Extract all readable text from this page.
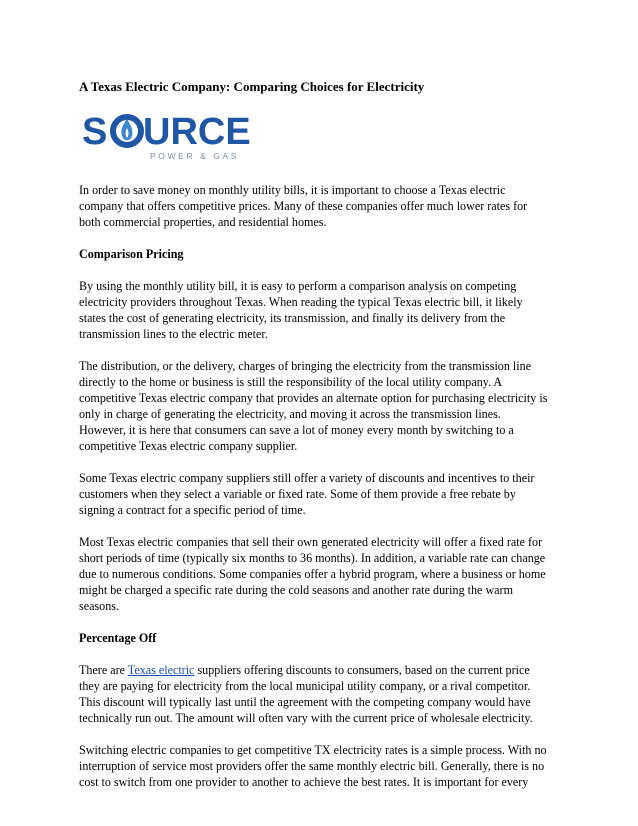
A Texas Electric Company: Comparing Choices for Electricity
S URCE
POWER & GAS

In order to save money on monthly utility bills, it is important to choose a Texas electric
company that offers competitive prices. Many of these companies offer much lower rates for
both commercial properties, and residential homes.

Comparison Pricing

By using the monthly utility bill, it is easy to perform a comparison analysis on competing
electricity providers throughout Texas. When reading the typical Texas electric bill, it likely
states the cost of generating electricity, its transmission, and finally its delivery from the
transmission lines to the electric meter.

The distribution, or the delivery, charges of bringing the electricity from the transmission line
directly to the home or business is still the responsibility of the local utility company. A
competitive Texas electric company that provides an alternate option for purchasing electricity is
only in charge of generating the electricity, and moving it across the transmission lines.
However, it is here that consumers can save a lot of money every month by switching to a
competitive Texas electric company supplier.

Some Texas electric company suppliers still offer a variety of discounts and incentives to their
customers when they select a variable or fixed rate. Some of them provide a free rebate by
signing a contract for a specific period of time.

Most Texas electric companies that sell their own generated electricity will offer a fixed rate for
short periods of time (typically six months to 36 months). In addition, a variable rate can change
due to numerous conditions. Some companies offer a hybrid program, where a business or home
might be charged a specific rate during the cold seasons and another rate during the warm
seasons.

Percentage Off

There are Texas electric suppliers offering discounts to consumers, based on the current price
they are paying for electricity from the local municipal utility company, or a rival competitor.
This discount will typically last until the agreement with the competing company would have
technically run out. The amount will often vary with the current price of wholesale electricity.

Switching electric companies to get competitive TX electricity rates is a simple process. With no
interruption of service most providers offer the same monthly electric bill. Generally, there is no
cost to switch from one provider to another to achieve the best rates. It is important for every
